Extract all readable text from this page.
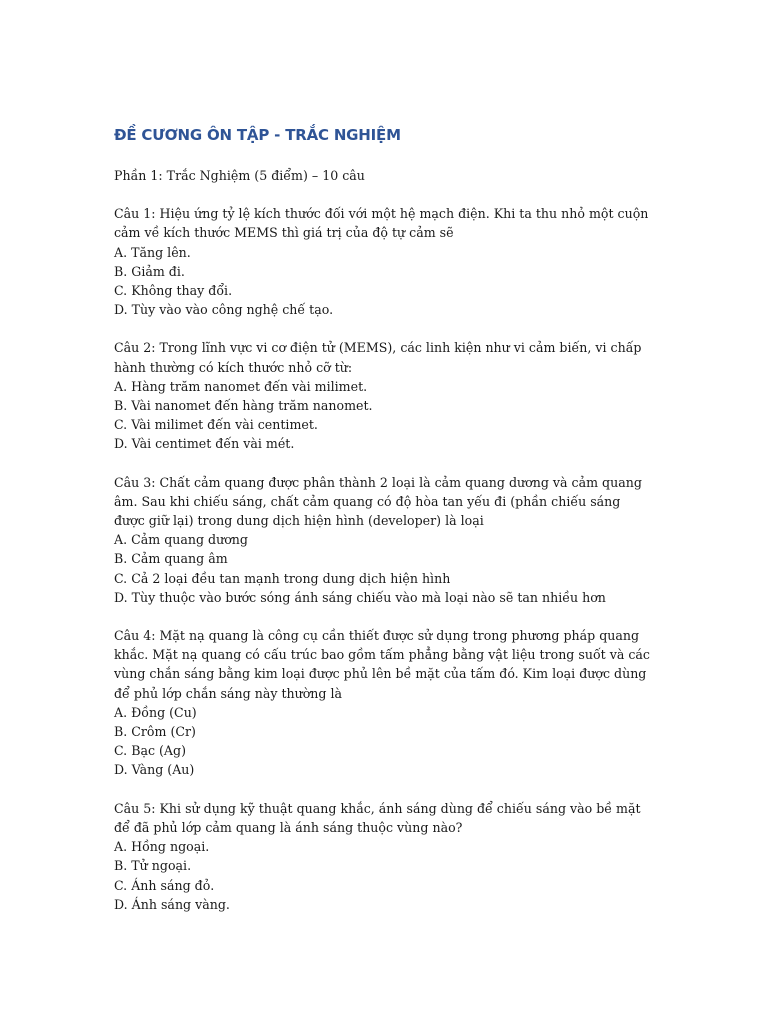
ĐỀ CƯƠNG ÔN TẬP - TRẮC NGHIỆM
Phần 1: Trắc Nghiệm (5 điểm) – 10 câu
Câu 1: Hiệu ứng tỷ lệ kích thước đối với một hệ mạch điện. Khi ta thu nhỏ một cuộn cảm về kích thước MEMS thì giá trị của độ tự cảm sẽ
A. Tăng lên.
B. Giảm đi.
C. Không thay đổi.
D. Tùy vào vào công nghệ chế tạo.
Câu 2: Trong lĩnh vực vi cơ điện tử (MEMS), các linh kiện như vi cảm biến, vi chấp hành thường có kích thước nhỏ cỡ từ:
A. Hàng trăm nanomet đến vài milimet.
B. Vài nanomet đến hàng trăm nanomet.
C. Vài milimet đến vài centimet.
D. Vài centimet đến vài mét.
Câu 3: Chất cảm quang được phân thành 2 loại là cảm quang dương và cảm quang âm. Sau khi chiếu sáng, chất cảm quang có độ hòa tan yếu đi (phần chiếu sáng được giữ lại) trong dung dịch hiện hình (developer) là loại
A. Cảm quang dương
B. Cảm quang âm
C. Cả 2 loại đều tan mạnh trong dung dịch hiện hình
D. Tùy thuộc vào bước sóng ánh sáng chiếu vào mà loại nào sẽ tan nhiều hơn
Câu 4: Mặt nạ quang là công cụ cần thiết được sử dụng trong phương pháp quang khắc. Mặt nạ quang có cấu trúc bao gồm tấm phẳng bằng vật liệu trong suốt và các vùng chắn sáng bằng kim loại được phủ lên bề mặt của tấm đó. Kim loại được dùng để phủ lớp chắn sáng này thường là
A. Đồng (Cu)
B. Crôm (Cr)
C. Bạc (Ag)
D. Vàng (Au)
Câu 5: Khi sử dụng kỹ thuật quang khắc, ánh sáng dùng để chiếu sáng vào bề mặt để đã phủ lớp cảm quang là ánh sáng thuộc vùng nào?
A. Hồng ngoại.
B. Tử ngoại.
C. Ánh sáng đỏ.
D. Ánh sáng vàng.
